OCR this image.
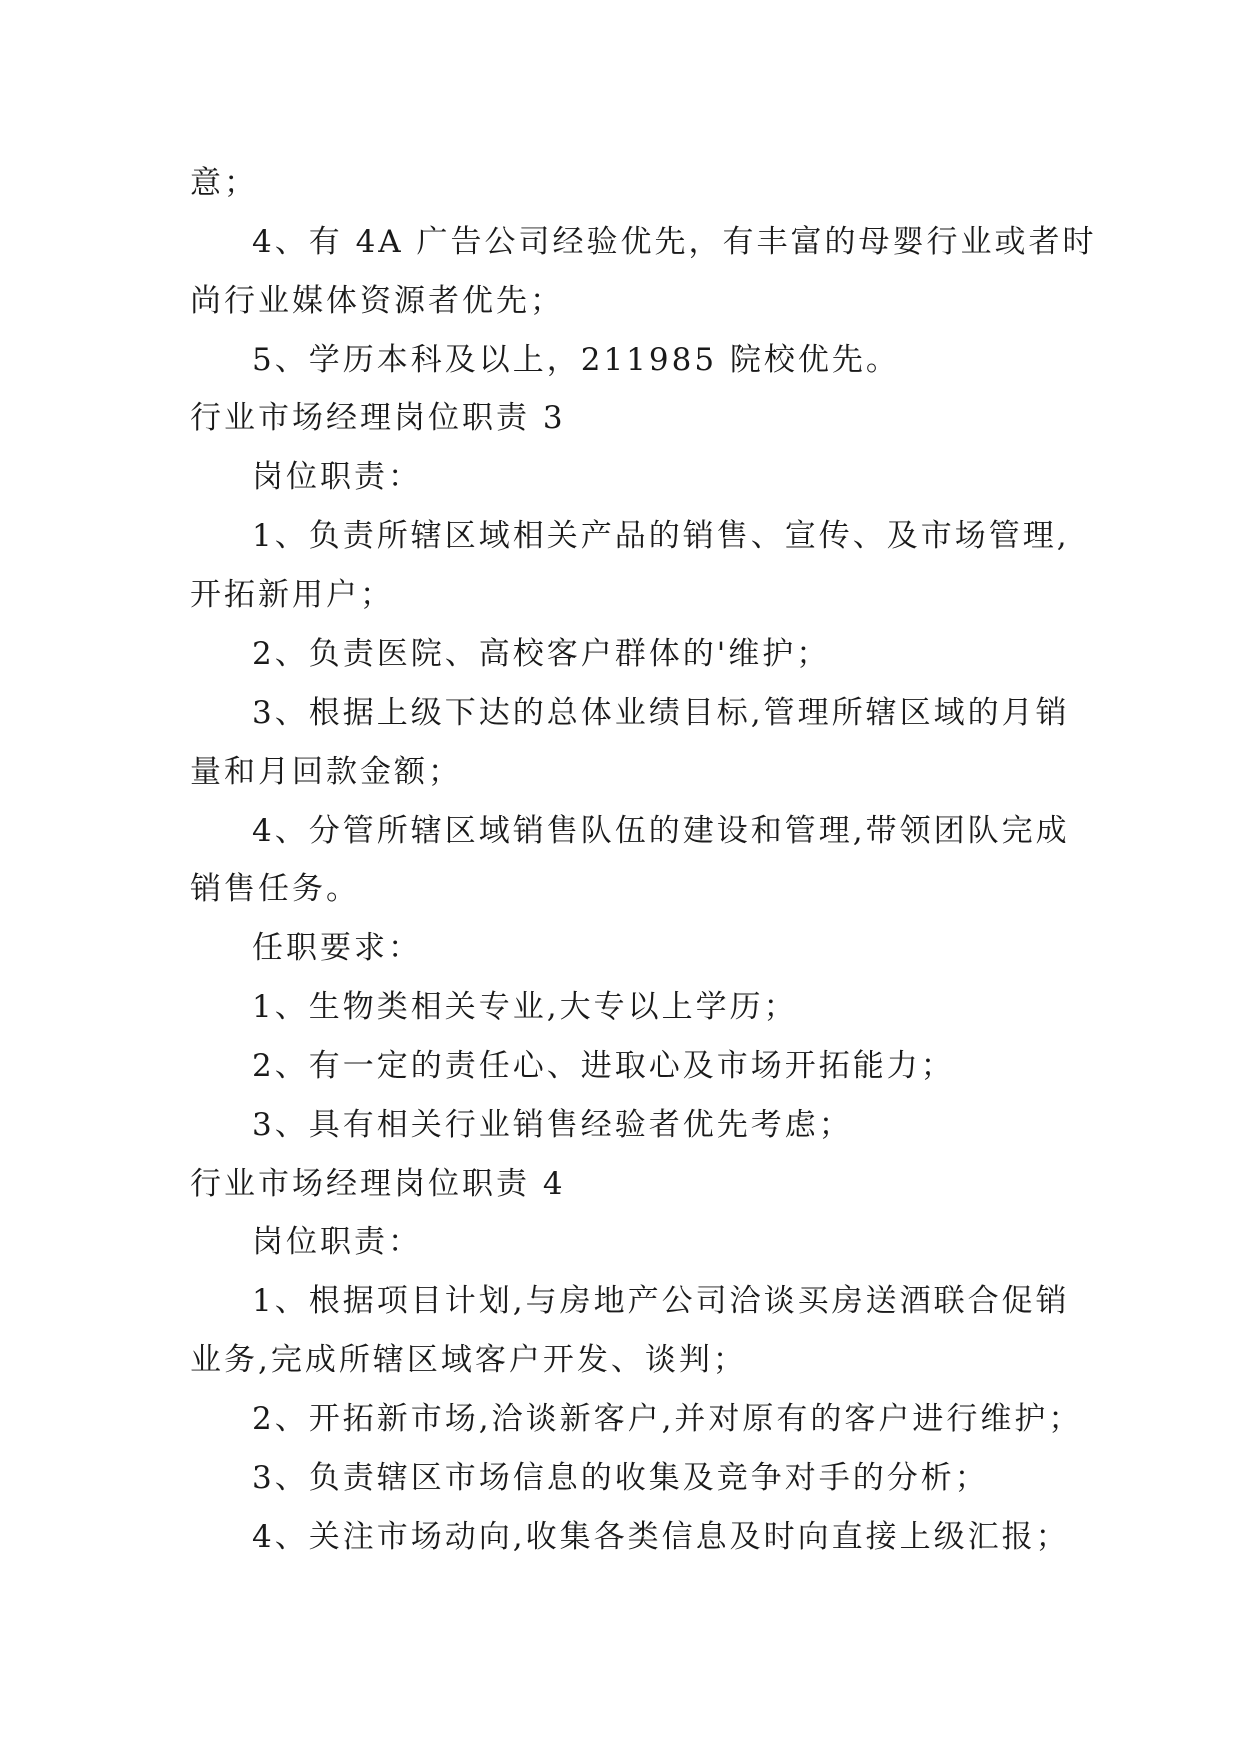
意；
4、有 4A 广告公司经验优先，有丰富的母婴行业或者时
尚行业媒体资源者优先；
5、学历本科及以上，211985 院校优先。
行业市场经理岗位职责 3
岗位职责：
1、负责所辖区域相关产品的销售、宣传、及市场管理,
开拓新用户；
2、负责医院、高校客户群体的'维护；
3、根据上级下达的总体业绩目标,管理所辖区域的月销
量和月回款金额；
4、分管所辖区域销售队伍的建设和管理,带领团队完成
销售任务。
任职要求：
1、生物类相关专业,大专以上学历；
2、有一定的责任心、进取心及市场开拓能力；
3、具有相关行业销售经验者优先考虑；
行业市场经理岗位职责 4
岗位职责：
1、根据项目计划,与房地产公司洽谈买房送酒联合促销
业务,完成所辖区域客户开发、谈判；
2、开拓新市场,洽谈新客户,并对原有的客户进行维护；
3、负责辖区市场信息的收集及竞争对手的分析；
4、关注市场动向,收集各类信息及时向直接上级汇报；
